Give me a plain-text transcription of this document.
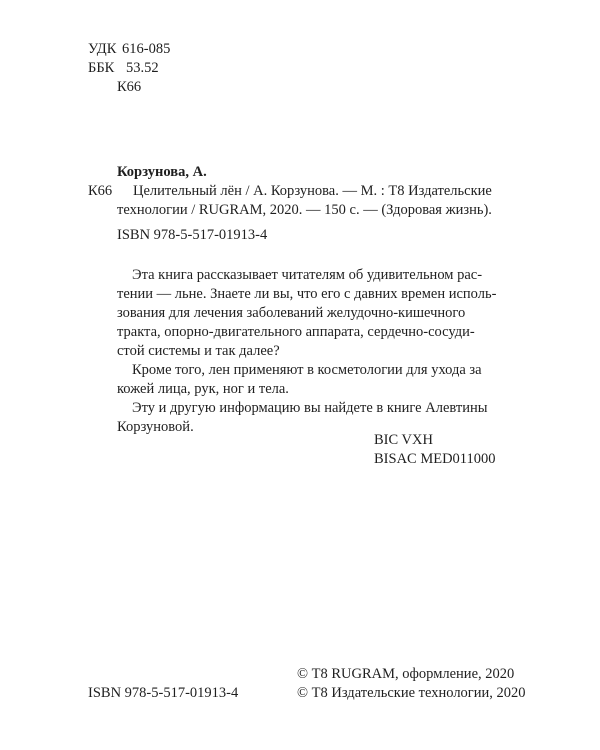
УДК 616-085
ББК 53.52
К66
Корзунова, А.
К66 Целительный лён / А. Корзунова. — М. : Т8 Издательские
технологии / RUGRAM, 2020. — 150 с. — (Здоровая жизнь).
ISBN 978-5-517-01913-4
Эта книга рассказывает читателям об удивительном рас-
тении — льне. Знаете ли вы, что его с давних времен исполь-
зования для лечения заболеваний желудочно-кишечного
тракта, опорно-двигательного аппарата, сердечно-сосуди-
стой системы и так далее?
Кроме того, лен применяют в косметологии для ухода за
кожей лица, рук, ног и тела.
Эту и другую информацию вы найдете в книге Алевтины
Корзуновой.
BIC VXH
BISAC MED011000
© Т8 RUGRAM, оформление, 2020
ISBN 978-5-517-01913-4	© Т8 Издательские технологии, 2020
